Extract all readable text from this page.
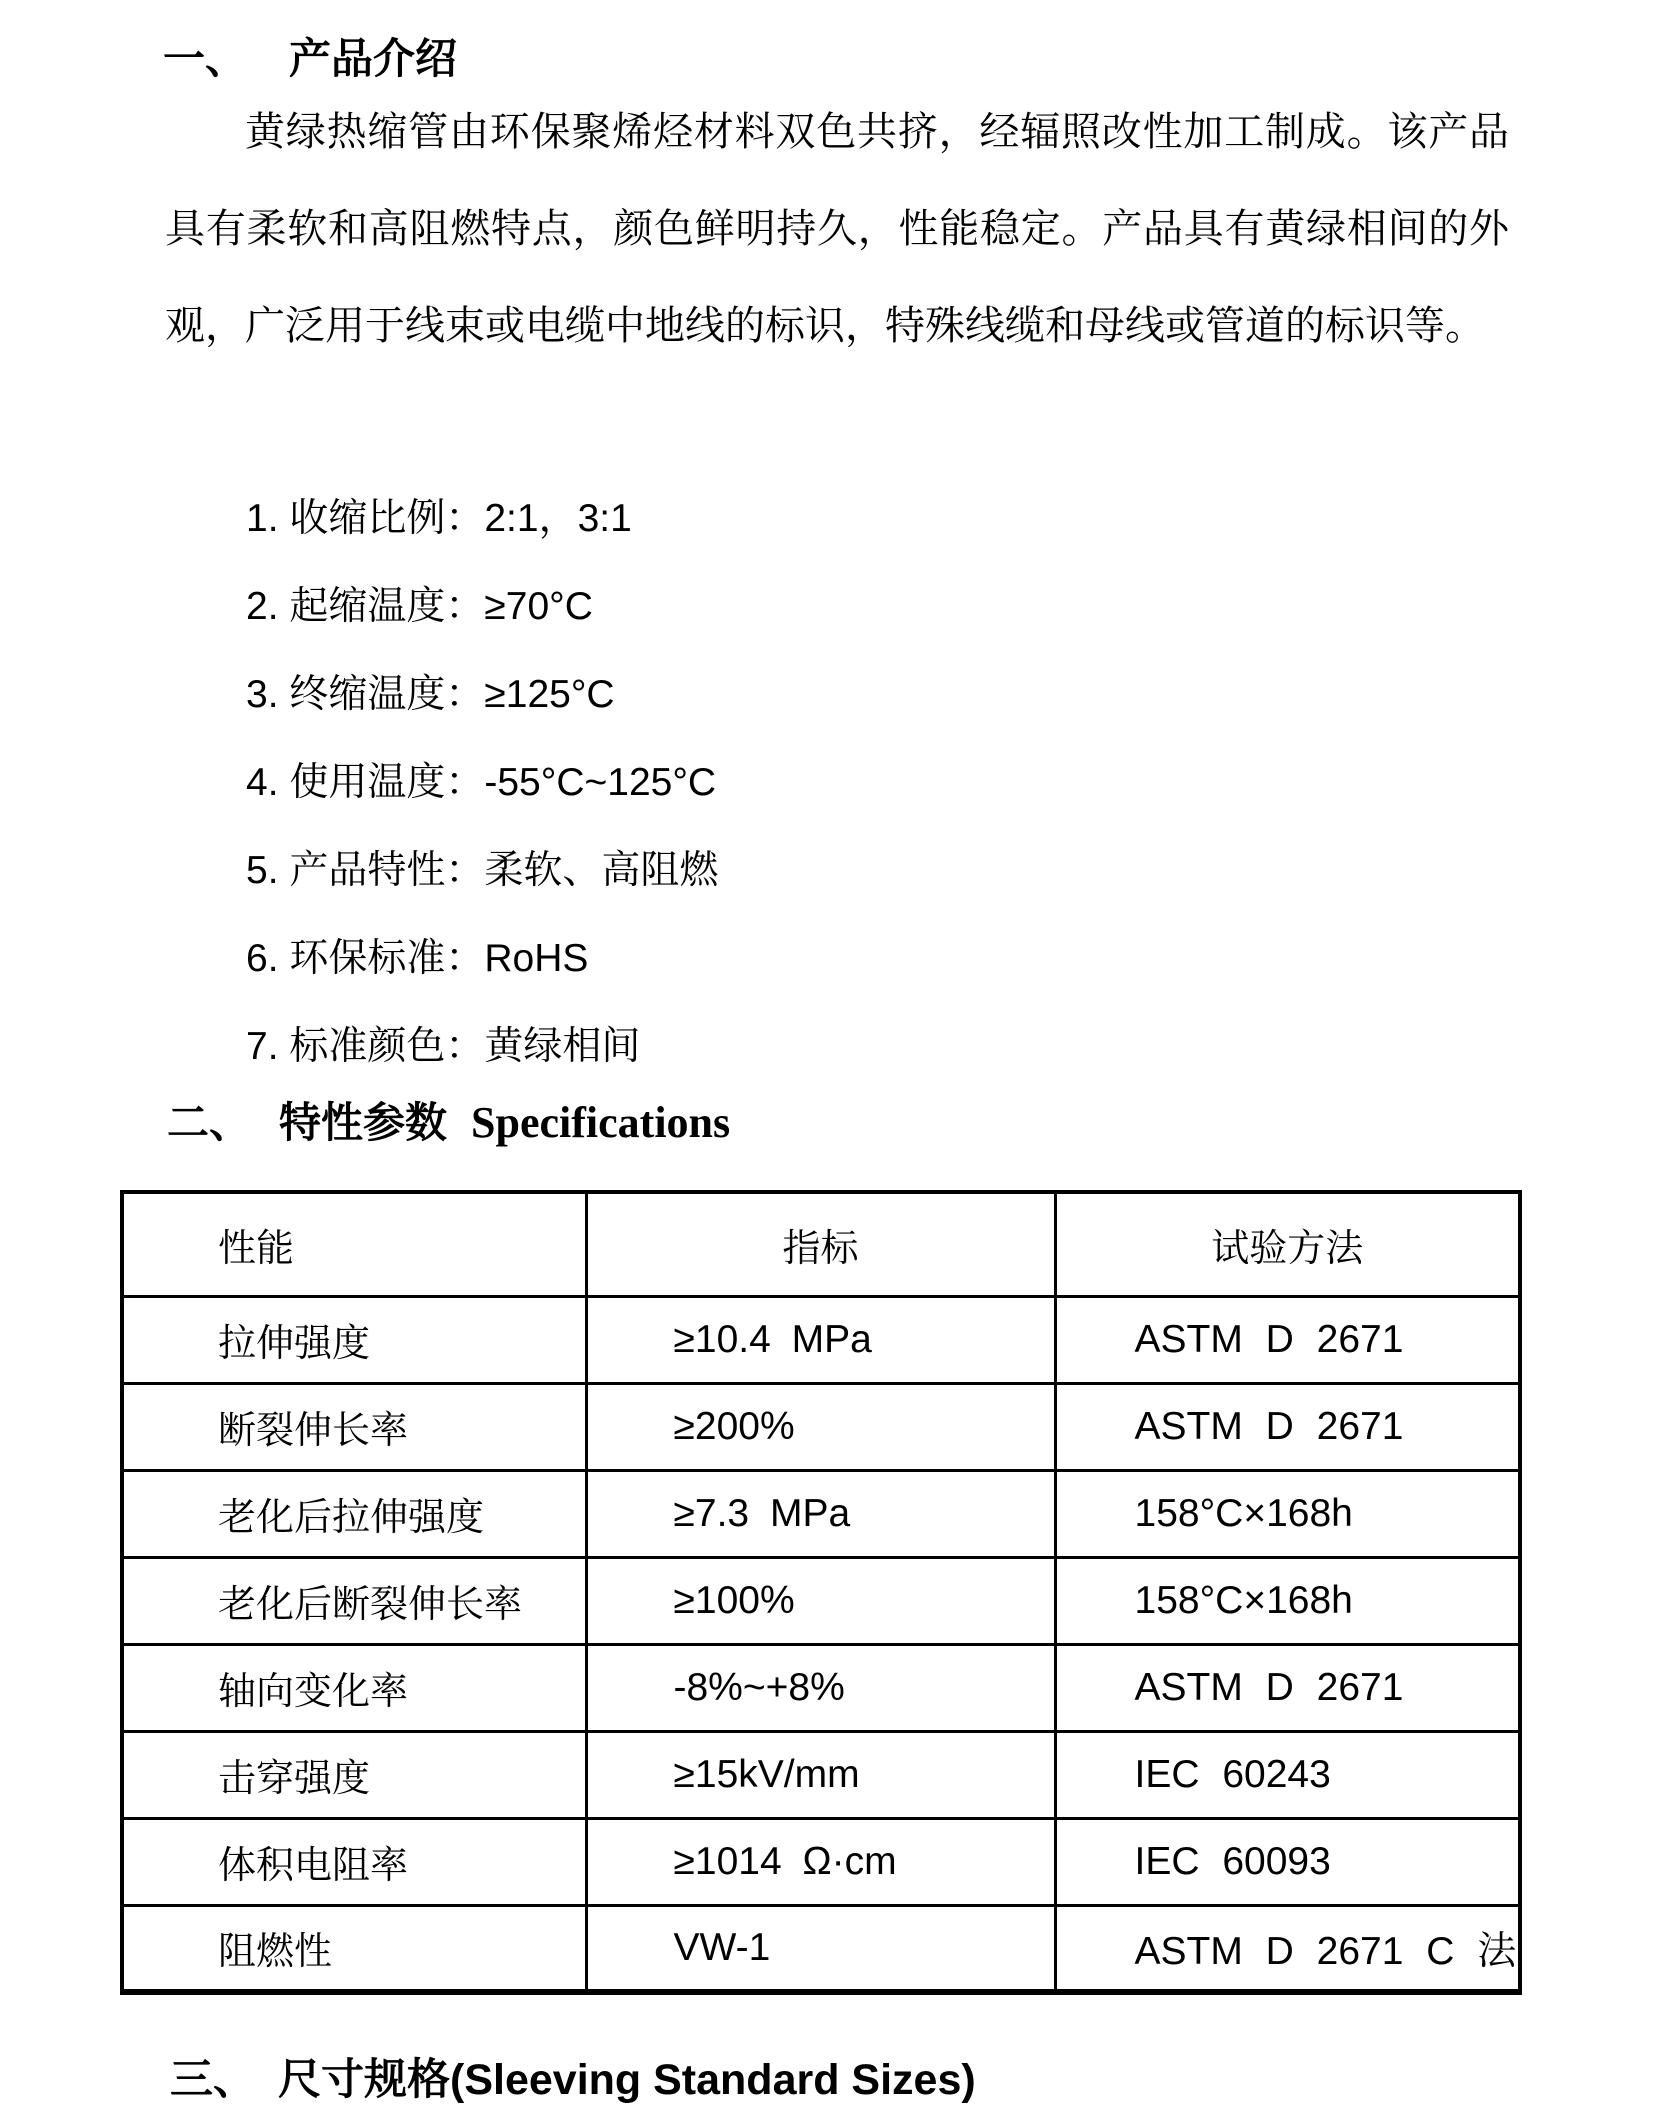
一、 产品介绍

黄绿热缩管由环保聚烯烃材料双色共挤，经辐照改性加工制成。该产品具有柔软和高阻燃特点，颜色鲜明持久，性能稳定。产品具有黄绿相间的外观，广泛用于线束或电缆中地线的标识，特殊线缆和母线或管道的标识等。

1. 收缩比例：2:1，3:1
2. 起缩温度：≥70°C
3. 终缩温度：≥125°C
4. 使用温度：-55°C~125°C
5. 产品特性：柔软、高阻燃
6. 环保标准：RoHS
7. 标准颜色：黄绿相间
二、 特性参数 Specifications
性能	指标	试验方法
拉伸强度	≥10.4 MPa	ASTM D 2671
断裂伸长率	≥200%	ASTM D 2671
老化后拉伸强度	≥7.3 MPa	158°C×168h
老化后断裂伸长率	≥100%	158°C×168h
轴向变化率	-8%~+8%	ASTM D 2671
击穿强度	≥15kV/mm	IEC 60243
体积电阻率	≥1014 Ω·cm	IEC 60093
阻燃性	VW-1	ASTM D 2671 C 法
三、 尺寸规格(Sleeving Standard Sizes)
